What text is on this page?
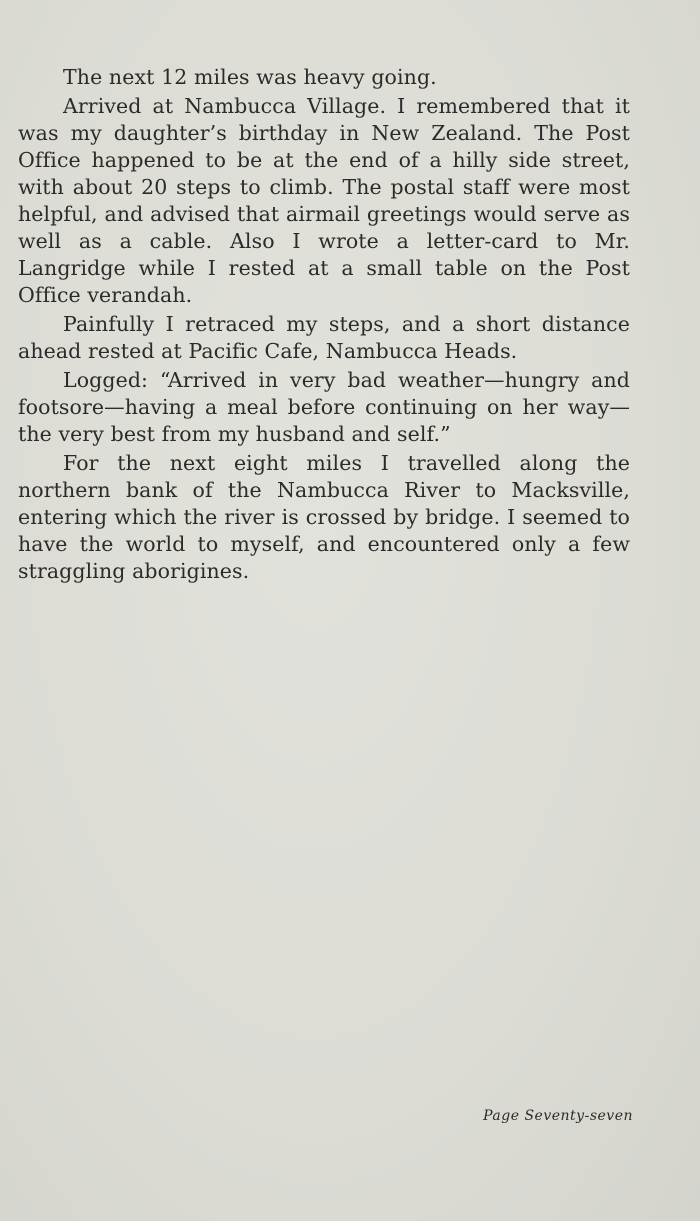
The next 12 miles was heavy going.

Arrived at Nambucca Village. I remembered that it was my daughter’s birthday in New Zealand. The Post Office happened to be at the end of a hilly side street, with about 20 steps to climb. The postal staff were most helpful, and advised that airmail greetings would serve as well as a cable. Also I wrote a letter-card to Mr. Langridge while I rested at a small table on the Post Office verandah.

Painfully I retraced my steps, and a short distance ahead rested at Pacific Cafe, Nambucca Heads.

Logged: “Arrived in very bad weather—hungry and footsore—having a meal before continuing on her way—the very best from my husband and self.”

For the next eight miles I travelled along the northern bank of the Nambucca River to Macksville, entering which the river is crossed by bridge. I seemed to have the world to myself, and encountered only a few straggling aborigines.

Page Seventy-seven
